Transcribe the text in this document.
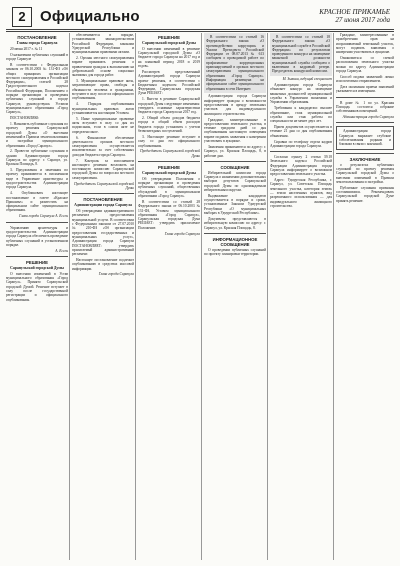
2 Официально	КРАСНОЕ ПРИКАМЬЕ
27 июня 2017 года

ПОСТАНОВЛЕНИЕ

Главы города Сарапула

20 июня 2017 г. № 11

О назначении публичных слушаний в городе Сарапуле

В соответствии с Федеральным законом от 06.10.2003 № 131-ФЗ «Об общих принципах организации местного самоуправления в Российской Федерации», статьей 28 Градостроительного кодекса Российской Федерации, Положением о порядке организации и проведения публичных слушаний в городе Сарапуле, руководствуясь Уставом муниципального образования «Город Сарапул»,

ПОСТАНОВЛЯЮ:

1. Назначить публичные слушания по проекту решения Сарапульской городской Думы «О внесении изменений в Правила землепользования и застройки муниципального образования «Город Сарапул».

2. Провести публичные слушания в здании Администрации города Сарапула по адресу: г. Сарапул, ул. Красная Площадь, 8.

3. Предложения и замечания по проекту принимаются в письменном виде в Управление архитектуры и градостроительства Администрации города Сарапула.

4. Опубликовать настоящее постановление в газете «Красное Прикамье» и разместить на официальном сайте муниципального образования.

Глава города Сарапула А. Ессен

Управлению архитектуры и градостроительства Администрации города Сарапула обеспечить проведение публичных слушаний в установленном порядке.

А. Ессен

РЕШЕНИЕ

Сарапульской городской Думы

О внесении изменений в Устав муниципального образования «Город Сарапул». Принято Сарапульской городской Думой. Решение вступает в силу после государственной регистрации и официального опубликования.

обеспечивается в порядке, установленном законодательством Российской Федерации, законами Удмуртской Республики и муниципальными правовыми актами.

2. Органы местного самоуправления вправе принимать решения о привлечении граждан к выполнению на добровольной основе социально значимых для города работ.

3. Муниципальные правовые акты, затрагивающие права, свободы и обязанности человека и гражданина, вступают в силу после их официального опубликования.

4. Порядок опубликования муниципальных правовых актов устанавливается настоящим Уставом.

5. Иные муниципальные правовые акты вступают в силу со дня их подписания, если в самом акте не определено иное.

6. Финансовое обеспечение деятельности органов местного самоуправления осуществляется исключительно за счет собственных доходов бюджета города Сарапула.

7. Контроль за исполнением настоящего решения возложить на постоянную комиссию Сарапульской городской Думы по вопросам местного самоуправления.

Председатель Сарапульской городской Думы

ПОСТАНОВЛЕНИЕ

Администрации города Сарапула

Об утверждении административного регламента предоставления муниципальной услуги. В соответствии с Федеральным законом от 27.07.2010 № 210-ФЗ «Об организации предоставления государственных и муниципальных услуг», Администрация города Сарапула ПОСТАНОВЛЯЕТ: утвердить прилагаемый административный регламент.

Настоящее постановление подлежит опубликованию в средствах массовой информации.

Глава города Сарапула

РЕШЕНИЕ

Сарапульской городской Думы

О внесении изменений в решение Сарапульской городской Думы «О бюджете города Сарапула на 2017 год и на плановый период 2018 и 2019 годов».

Рассмотрев представленный Администрацией города Сарапула проект решения, в соответствии с Бюджетным кодексом Российской Федерации, Сарапульская городская Дума РЕШАЕТ:

1. Внести в решение Сарапульской городской Думы следующие изменения: утвердить основные характеристики бюджета города Сарапула на 2017 год.

2. Общий объем доходов бюджета города и общий объем расходов бюджета города установить с учетом безвозмездных поступлений.

3. Настоящее решение вступает в силу со дня его официального опубликования.

Председатель Сарапульской городской Думы

РЕШЕНИЕ

Сарапульской городской Думы

Об утверждении Положения о порядке организации и проведения публичных слушаний, общественных обсуждений в муниципальном образовании «Город Сарапул».

В соответствии со статьей 28 Федерального закона от 06.10.2003 № 131-ФЗ, Уставом муниципального образования «Город Сарапул», Сарапульская городская Дума РЕШАЕТ: утвердить прилагаемое Положение.

Глава города Сарапула

В соответствии со статьей 16 Федерального закона «О противодействии коррупции» и Указом Президента Российской Федерации от 08.07.2013 № 613 сообщаем о проводимой работе по профилактике коррупционных правонарушений в органах местного самоуправления муниципального образования «Город Сарапул». Информация размещена на официальном сайте муниципального образования в сети Интернет.

Администрация города Сарапула информирует граждан о возможности предоставления в аренду земельных участков для индивидуального жилищного строительства.

Граждане, заинтересованные в предоставлении земельного участка, в течение тридцати дней со дня опубликования настоящего извещения вправе подавать заявления о намерении участвовать в аукционе.

Заявления принимаются по адресу: г. Сарапул, ул. Красная Площадь, 8, в рабочие дни.

СООБЩЕНИЕ

Избирательной комиссии города Сарапула о назначении дополнительных выборов депутатов Сарапульской городской Думы по одномандатным избирательным округам.

Выдвижение кандидатов осуществляется в порядке и сроки, установленные Законом Удмуртской Республики «О муниципальных выборах в Удмуртской Республике».

Документы представляются в избирательную комиссию по адресу: г. Сарапул, ул. Красная Площадь, 8.

ИНФОРМАЦИОННОЕ СООБЩЕНИЕ

О проведении публичных слушаний по проекту планировки территории.

В соответствии со статьей 18 Федерального закона «О муниципальной службе в Российской Федерации» по результатам проведенного конкурса на замещение вакантной должности муниципальной службы сообщаем о включении в кадровый резерв. Председатель конкурсной комиссии.

М. Зыкина, ведущий специалист

Администрация города Сарапула объявляет конкурс на замещение вакантных должностей муниципальной службы в Управлении экономики и Управлении образования.

Требования к кандидатам: высшее образование, стаж муниципальной службы или стаж работы по специальности не менее двух лет.

Прием документов осуществляется в течение 21 дня со дня опубликования объявления.

Справки по телефону отдела кадров Администрации города Сарапула.

Согласно пункту 2 статьи 39.18 Земельного кодекса Российской Федерации Администрация города Сарапула информирует о возможном предоставлении земельного участка.

Адрес: Удмуртская Республика, г. Сарапул, ул. Советская. Площадь земельного участка, категория земель — земли населенных пунктов, вид разрешенного использования — для индивидуального жилищного строительства.

Граждане, заинтересованные в приобретении прав на испрашиваемый земельный участок, могут подавать заявления о намерении участвовать в аукционе.

Ознакомиться со схемой расположения земельного участка можно по адресу Администрации города Сарапула.

Способ подачи заявлений: лично или почтовым отправлением.

Дата окончания приема заявлений указывается в извещении.

В доме № 1 по ул. Красная Площадь состоится собрание собственников помещений.

Администрация города Сарапула

Администрация города Сарапула выражает глубокие соболезнования родным и близким в связи с кончиной.

ЗАКЛЮЧЕНИЕ

о результатах публичных слушаний по проекту решения Сарапульской городской Думы о внесении изменений в Правила землепользования и застройки.

Публичные слушания признаны состоявшимися. Рекомендовать Сарапульской городской Думе принять решение.
